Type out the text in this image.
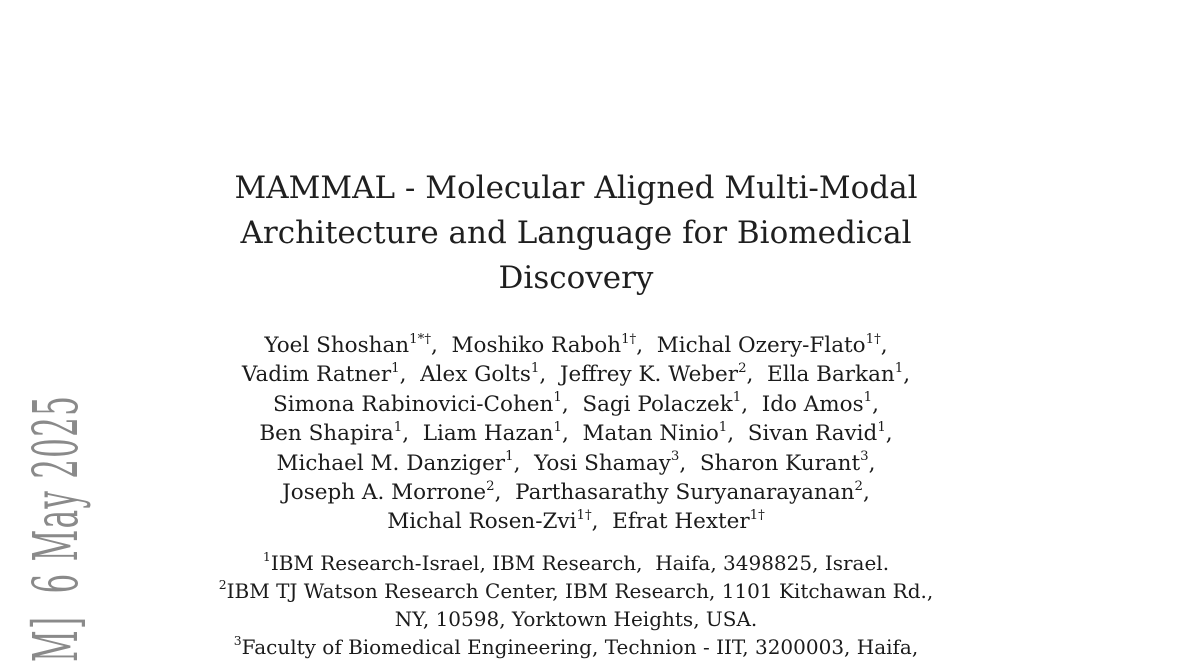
M]  6 May 2025
MAMMAL - Molecular Aligned Multi-Modal
Architecture and Language for Biomedical
Discovery
Yoel Shoshan$^{1*\dagger}$,  Moshiko Raboh$^{1\dagger}$,  Michal Ozery-Flato$^{1\dagger}$,
Vadim Ratner$^1$,  Alex Golts$^1$,  Jeffrey K. Weber$^2$,  Ella Barkan$^1$,
Simona Rabinovici-Cohen$^1$,  Sagi Polaczek$^1$,  Ido Amos$^1$,
Ben Shapira$^1$,  Liam Hazan$^1$,  Matan Ninio$^1$,  Sivan Ravid$^1$,
Michael M. Danziger$^1$,  Yosi Shamay$^3$,  Sharon Kurant$^3$,
Joseph A. Morrone$^2$,  Parthasarathy Suryanarayanan$^2$,
Michal Rosen-Zvi$^{1\dagger}$,  Efrat Hexter$^{1\dagger}$
$^1$IBM Research-Israel, IBM Research,  Haifa, 3498825, Israel.
$^2$IBM TJ Watson Research Center, IBM Research, 1101 Kitchawan Rd.,
NY, 10598, Yorktown Heights, USA.
$^3$Faculty of Biomedical Engineering, Technion - IIT, 3200003, Haifa,
